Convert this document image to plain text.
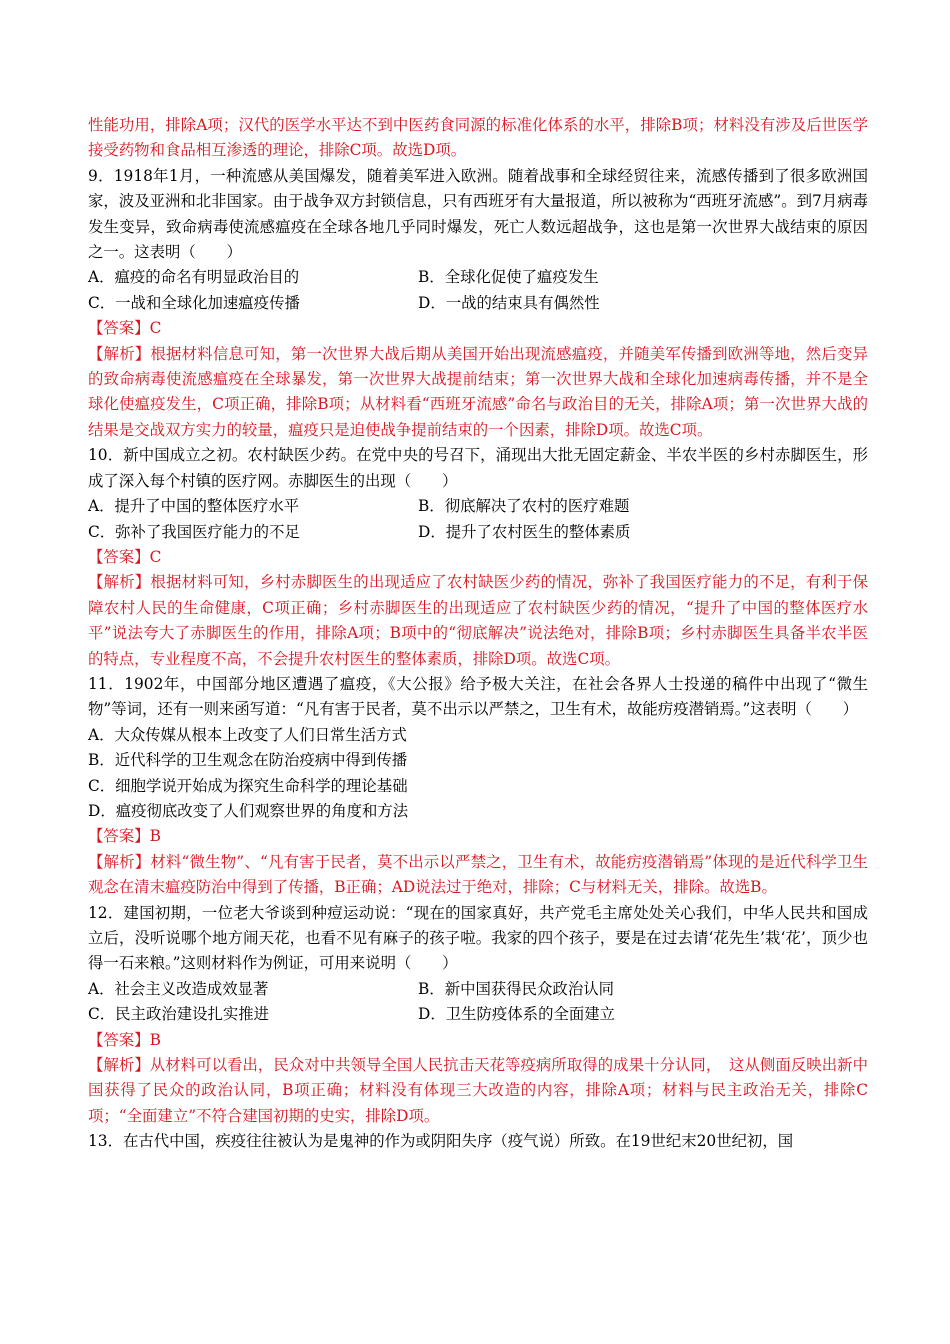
性能功用，排除A项；汉代的医学水平达不到中医药食同源的标准化体系的水平，排除B项；材料没有涉及后世医学接受药物和食品相互渗透的理论，排除C项。故选D项。

9．1918年1月，一种流感从美国爆发，随着美军进入欧洲。随着战事和全球经贸往来，流感传播到了很多欧洲国家，波及亚洲和北非国家。由于战争双方封锁信息，只有西班牙有大量报道，所以被称为“西班牙流感”。到7月病毒发生变异，致命病毒使流感瘟疫在全球各地几乎同时爆发，死亡人数远超战争，这也是第一次世界大战结束的原因之一。这表明（　　）

A．瘟疫的命名有明显政治目的	B．全球化促使了瘟疫发生
C．一战和全球化加速瘟疫传播	D．一战的结束具有偶然性

【答案】C

【解析】根据材料信息可知，第一次世界大战后期从美国开始出现流感瘟疫，并随美军传播到欧洲等地，然后变异的致命病毒使流感瘟疫在全球暴发，第一次世界大战提前结束；第一次世界大战和全球化加速病毒传播，并不是全球化使瘟疫发生，C项正确，排除B项；从材料看“西班牙流感”命名与政治目的无关，排除A项；第一次世界大战的结果是交战双方实力的较量，瘟疫只是迫使战争提前结束的一个因素，排除D项。故选C项。

10．新中国成立之初。农村缺医少药。在党中央的号召下，涌现出大批无固定薪金、半农半医的乡村赤脚医生，形成了深入每个村镇的医疗网。赤脚医生的出现（　　）

A．提升了中国的整体医疗水平	B．彻底解决了农村的医疗难题
C．弥补了我国医疗能力的不足	D．提升了农村医生的整体素质

【答案】C

【解析】根据材料可知，乡村赤脚医生的出现适应了农村缺医少药的情况，弥补了我国医疗能力的不足，有利于保障农村人民的生命健康，C项正确；乡村赤脚医生的出现适应了农村缺医少药的情况，“提升了中国的整体医疗水平”说法夸大了赤脚医生的作用，排除A项；B项中的“彻底解决”说法绝对，排除B项；乡村赤脚医生具备半农半医的特点，专业程度不高，不会提升农村医生的整体素质，排除D项。故选C项。

11．1902年，中国部分地区遭遇了瘟疫，《大公报》给予极大关注，在社会各界人士投递的稿件中出现了“微生物”等词，还有一则来函写道：“凡有害于民者，莫不出示以严禁之，卫生有术，故能疠疫潜销焉。”这表明（　　）

A．大众传媒从根本上改变了人们日常生活方式
B．近代科学的卫生观念在防治疫病中得到传播
C．细胞学说开始成为探究生命科学的理论基础
D．瘟疫彻底改变了人们观察世界的角度和方法

【答案】B

【解析】材料“微生物”、“凡有害于民者，莫不出示以严禁之，卫生有术，故能疠疫潜销焉”体现的是近代科学卫生观念在清末瘟疫防治中得到了传播，B正确；AD说法过于绝对，排除；C与材料无关，排除。故选B。

12．建国初期，一位老大爷谈到种痘运动说：“现在的国家真好，共产党毛主席处处关心我们，中华人民共和国成立后，没听说哪个地方闹天花，也看不见有麻子的孩子啦。我家的四个孩子，要是在过去请‘花先生’栽‘花’，顶少也得一石来粮。”这则材料作为例证，可用来说明（　　）

A．社会主义改造成效显著	B．新中国获得民众政治认同
C．民主政治建设扎实推进	D．卫生防疫体系的全面建立

【答案】B

【解析】从材料可以看出，民众对中共领导全国人民抗击天花等疫病所取得的成果十分认同，　这从侧面反映出新中国获得了民众的政治认同，B项正确；材料没有体现三大改造的内容，排除A项；材料与民主政治无关，排除C项；“全面建立”不符合建国初期的史实，排除D项。

13．在古代中国，疾疫往往被认为是鬼神的作为或阴阳失序（疫气说）所致。在19世纪末20世纪初，国
